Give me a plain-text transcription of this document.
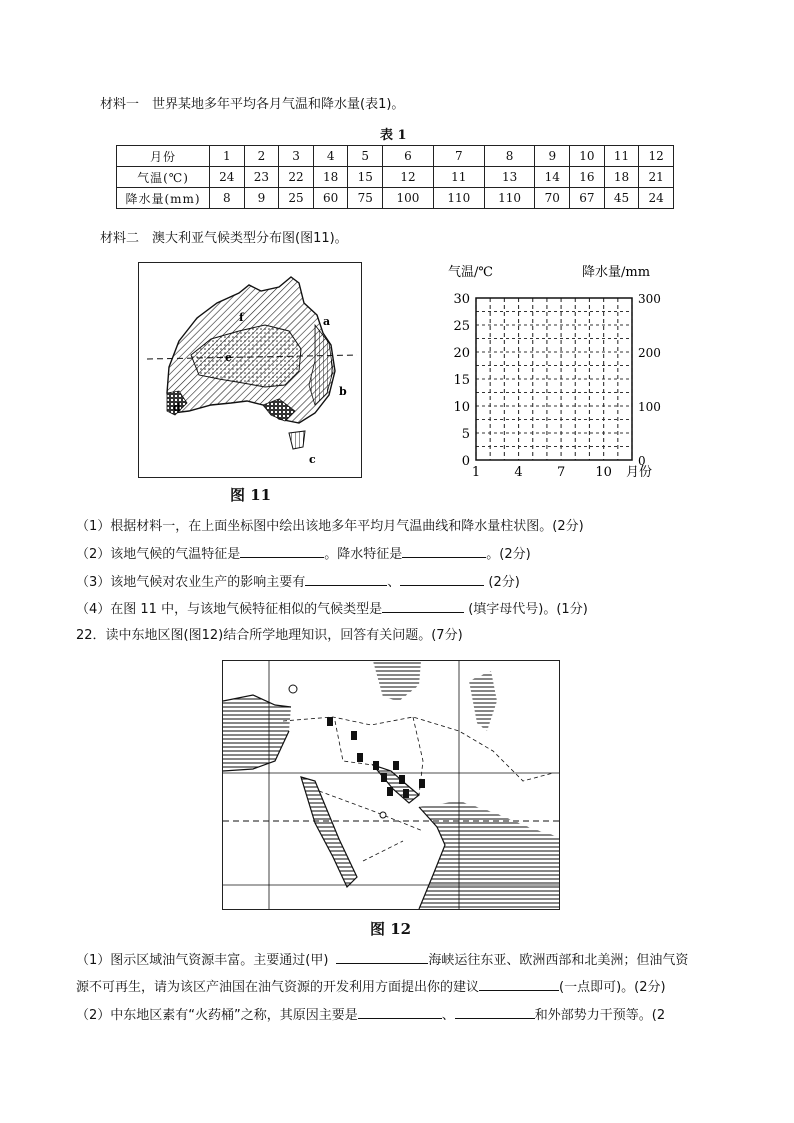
材料一　世界某地多年平均各月气温和降水量(表1)。
表 1
月份	1	2	3	4	5	6	7	8	9	10	11	12
气温(℃)	24	23	22	18	15	12	11	13	14	16	18	21
降水量(mm)	8	9	25	60	75	100	110	110	70	67	45	24
材料二　澳大利亚气候类型分布图(图11)。
f	a
e
b
d
c
图 11
气温/℃	降水量/mm
月份
0
5
10
15
20
25
30
0
100
200
300
1	4	7 10
（1）根据材料一，在上面坐标图中绘出该地多年平均月气温曲线和降水量柱状图。(2分)
（2）该地气候的气温特征是	。降水特征是	。(2分)
（3）该地气候对农业生产的影响主要有	、	(2分)
（4）在图 11 中，与该地气候特征相似的气候类型是	(填字母代号)。(1分)
22．读中东地区图(图12)结合所学地理知识，回答有关问题。(7分)
图 12
（1）图示区域油气资源丰富。主要通过(甲)	海峡运往东亚、欧洲西部和北美洲；但油气资
源不可再生，请为该区产油国在油气资源的开发利用方面提出你的建议	(一点即可)。(2分)
（2）中东地区素有“火药桶”之称，其原因主要是	、	和外部势力干预等。(2
